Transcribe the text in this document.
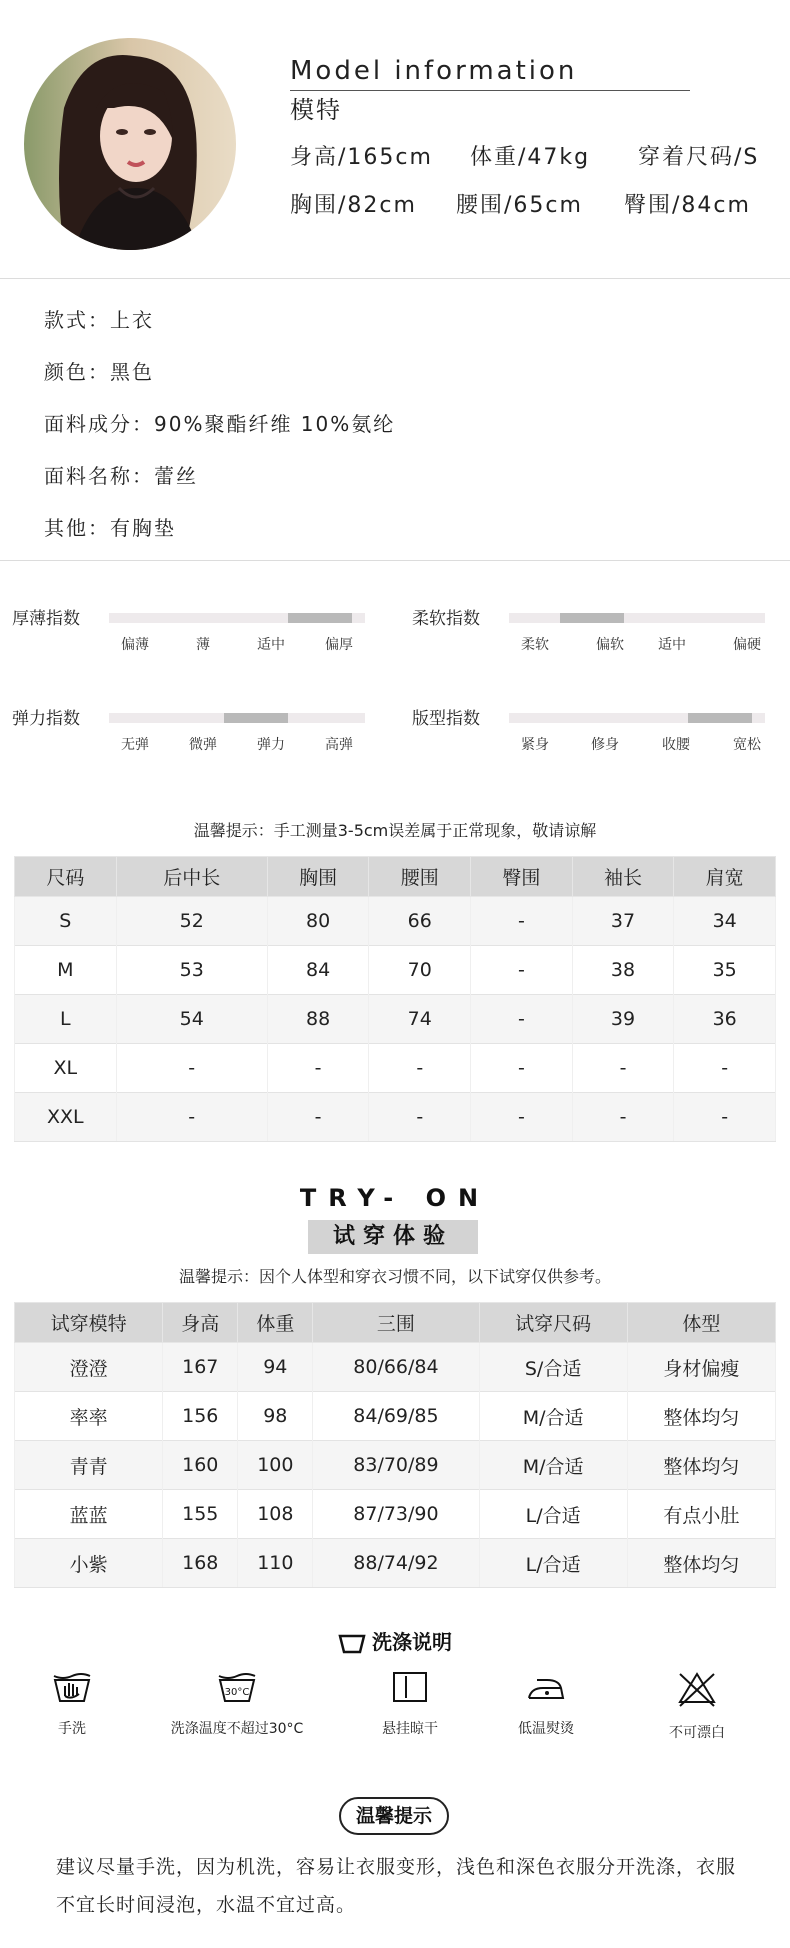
Model information
模特
身高/165cm 体重/47kg 穿着尺码/S
胸围/82cm 腰围/65cm 臀围/84cm
款式：上衣
颜色：黑色
面料成分：90%聚酯纤维 10%氨纶
面料名称：蕾丝
其他：有胸垫
厚薄指数
偏薄	薄	适中	偏厚
柔软指数
柔软	偏软 适中	偏硬
弹力指数
无弹	微弹	弹力	高弹
版型指数
紧身	修身	收腰	宽松
温馨提示：手工测量3-5cm误差属于正常现象，敬请谅解
尺码	后中长	胸围	腰围	臀围	袖长	肩宽
S	52	80	66	-	37	34
M	53	84	70	-	38	35
L	54	88	74	-	39	36
XL	-	-	-	-	-	-
XXL	-	-	-	-	-	-
TRY- ON
试穿体验
温馨提示：因个人体型和穿衣习惯不同，以下试穿仅供参考。
试穿模特	身高	体重	三围	试穿尺码	体型
澄澄	167	94	80/66/84	S/合适	身材偏瘦
率率	156	98	84/69/85	M/合适	整体均匀
青青	160	100	83/70/89	M/合适	整体均匀
蓝蓝	155	108	87/73/90	L/合适	有点小肚
小紫	168	110	88/74/92	L/合适	整体均匀
洗涤说明
手洗
30°C
洗涤温度不超过30°C	悬挂晾干	低温熨烫	不可漂白
温馨提示
建议尽量手洗，因为机洗，容易让衣服变形，浅色和深色衣服分开洗涤，衣服不宜长时间浸泡，水温不宜过高。
